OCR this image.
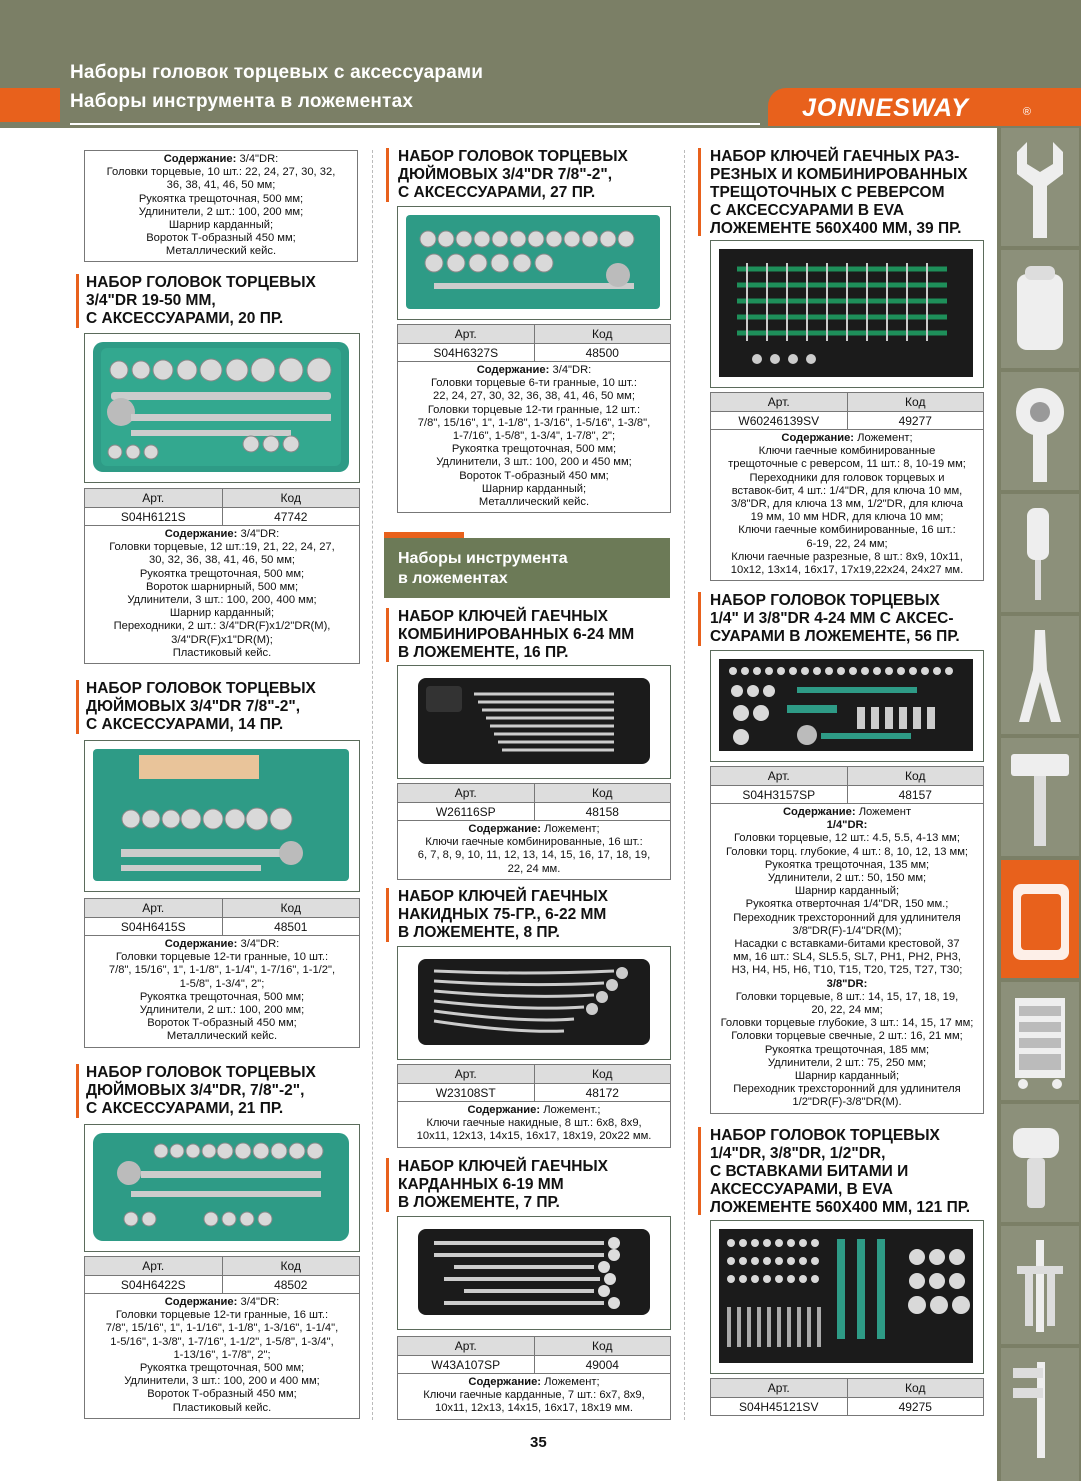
Наборы головок торцевых с аксессуарами
Наборы инструмента в ложементах	JONNESWAY	®
Содержание: 3/4"DR:
Головки торцевые, 10 шт.: 22, 24, 27, 30, 32,
36, 38, 41, 46, 50 мм;
Рукоятка трещоточная, 500 мм;
Удлинители, 2 шт.: 100, 200 мм;
Шарнир карданный;
Вороток Т-образный 450 мм;
Металлический кейс.
НАБОР ГОЛОВОК ТОРЦЕВЫХ
3/4"DR 19-50 ММ,
С АКСЕССУАРАМИ, 20 ПР.
Арт.	Код
S04H6121S	47742
Содержание: 3/4"DR:
Головки торцевые, 12 шт.:19, 21, 22, 24, 27,
30, 32, 36, 38, 41, 46, 50 мм;
Рукоятка трещоточная, 500 мм;
Вороток шарнирный, 500 мм;
Удлинители, 3 шт.: 100, 200, 400 мм;
Шарнир карданный;
Переходники, 2 шт.: 3/4"DR(F)x1/2"DR(M),
3/4"DR(F)x1"DR(M);
Пластиковый кейс.
НАБОР ГОЛОВОК ТОРЦЕВЫХ
ДЮЙМОВЫХ 3/4"DR 7/8"-2",
С АКСЕССУАРАМИ, 14 ПР.
Арт.	Код
S04H6415S	48501
Содержание: 3/4"DR:
Головки торцевые 12-ти гранные, 10 шт.:
7/8", 15/16", 1", 1-1/8", 1-1/4", 1-7/16", 1-1/2",
1-5/8", 1-3/4", 2";
Рукоятка трещоточная, 500 мм;
Удлинители, 2 шт.: 100, 200 мм;
Вороток Т-образный 450 мм;
Металлический кейс.
НАБОР ГОЛОВОК ТОРЦЕВЫХ
ДЮЙМОВЫХ 3/4"DR, 7/8"-2",
С АКСЕССУАРАМИ, 21 ПР.
Арт.	Код
S04H6422S	48502
Содержание: 3/4"DR:
Головки торцевые 12-ти гранные, 16 шт.:
7/8", 15/16", 1", 1-1/16", 1-1/8", 1-3/16", 1-1/4",
1-5/16", 1-3/8", 1-7/16", 1-1/2", 1-5/8", 1-3/4",
1-13/16", 1-7/8", 2";
Рукоятка трещоточная, 500 мм;
Удлинители, 3 шт.: 100, 200 и 400 мм;
Вороток Т-образный 450 мм;
Пластиковый кейс.
НАБОР ГОЛОВОК ТОРЦЕВЫХ
ДЮЙМОВЫХ 3/4"DR 7/8"-2",
С АКСЕССУАРАМИ, 27 ПР.
Арт.	Код
S04H6327S	48500
Содержание: 3/4"DR:
Головки торцевые 6-ти гранные, 10 шт.:
22, 24, 27, 30, 32, 36, 38, 41, 46, 50 мм;
Головки торцевые 12-ти гранные, 12 шт.:
7/8", 15/16", 1", 1-1/8", 1-3/16", 1-5/16", 1-3/8",
1-7/16", 1-5/8", 1-3/4", 1-7/8", 2";
Рукоятка трещоточная, 500 мм;
Удлинители, 3 шт.: 100, 200 и 450 мм;
Вороток Т-образный 450 мм;
Шарнир карданный;
Металлический кейс.
Наборы инструмента
в ложементах
НАБОР КЛЮЧЕЙ ГАЕЧНЫХ
КОМБИНИРОВАННЫХ 6-24 ММ
В ЛОЖЕМЕНТЕ, 16 ПР.
Арт.	Код
W26116SP	48158
Содержание: Ложемент;
Ключи гаечные комбинированные, 16 шт.:
6, 7, 8, 9, 10, 11, 12, 13, 14, 15, 16, 17, 18, 19,
22, 24 мм.
НАБОР КЛЮЧЕЙ ГАЕЧНЫХ
НАКИДНЫХ 75-ГР., 6-22 ММ
В ЛОЖЕМЕНТЕ, 8 ПР.
Арт.	Код
W23108ST	48172
Содержание: Ложемент.;
Ключи гаечные накидные, 8 шт.: 6х8, 8х9,
10х11, 12х13, 14х15, 16х17, 18х19, 20х22 мм.
НАБОР КЛЮЧЕЙ ГАЕЧНЫХ
КАРДАННЫХ 6-19 ММ
В ЛОЖЕМЕНТЕ, 7 ПР.
Арт.	Код
W43A107SP	49004
Содержание: Ложемент;
Ключи гаечные карданные, 7 шт.: 6х7, 8х9,
10х11, 12х13, 14х15, 16х17, 18х19 мм.
НАБОР КЛЮЧЕЙ ГАЕЧНЫХ РАЗ-
РЕЗНЫХ И КОМБИНИРОВАННЫХ
ТРЕЩОТОЧНЫХ С РЕВЕРСОМ
С АКСЕССУАРАМИ В EVA
ЛОЖЕМЕНТЕ 560Х400 ММ, 39 ПР.
Арт.	Код
W60246139SV	49277
Содержание: Ложемент;
Ключи гаечные комбинированные
трещоточные с реверсом, 11 шт.: 8, 10-19 мм;
Переходники для головок торцевых и
вставок-бит, 4 шт.: 1/4"DR, для ключа 10 мм,
3/8"DR, для ключа 13 мм, 1/2"DR, для ключа
19 мм, 10 мм HDR, для ключа 10 мм;
Ключи гаечные комбинированные, 16 шт.:
6-19, 22, 24 мм;
Ключи гаечные разрезные, 8 шт.: 8х9, 10х11,
10х12, 13х14, 16х17, 17х19,22х24, 24х27 мм.
НАБОР ГОЛОВОК ТОРЦЕВЫХ
1/4" И 3/8"DR 4-24 ММ С АКСЕС-
СУАРАМИ В ЛОЖЕМЕНТЕ, 56 ПР.
Арт.	Код
S04H3157SP	48157
Содержание: Ложемент
1/4"DR:
Головки торцевые, 12 шт.: 4.5, 5.5, 4-13 мм;
Головки торц. глубокие, 4 шт.: 8, 10, 12, 13 мм;
Рукоятка трещоточная, 135 мм;
Удлинители, 2 шт.: 50, 150 мм;
Шарнир карданный;
Рукоятка отверточная 1/4"DR, 150 мм.;
Переходник трехсторонний для удлинителя
3/8"DR(F)-1/4"DR(M);
Насадки с вставками-битами крестовой, 37
мм, 16 шт.: SL4, SL5.5, SL7, PH1, PH2, PH3,
H3, H4, H5, H6, T10, T15, T20, T25, T27, T30;
3/8"DR:
Головки торцевые, 8 шт.: 14, 15, 17, 18, 19,
20, 22, 24 мм;
Головки торцевые глубокие, 3 шт.: 14, 15, 17 мм;
Головки торцевые свечные, 2 шт.: 16, 21 мм;
Рукоятка трещоточная, 185 мм;
Удлинители, 2 шт.: 75, 250 мм;
Шарнир карданный;
Переходник трехсторонний для удлинителя
1/2"DR(F)-3/8"DR(M).
НАБОР ГОЛОВОК ТОРЦЕВЫХ
1/4"DR, 3/8"DR, 1/2"DR,
С ВСТАВКАМИ БИТАМИ И
АКСЕССУАРАМИ, В EVA
ЛОЖЕМЕНТЕ 560Х400 ММ, 121 ПР.
Арт.	Код
S04H45121SV	49275
35
